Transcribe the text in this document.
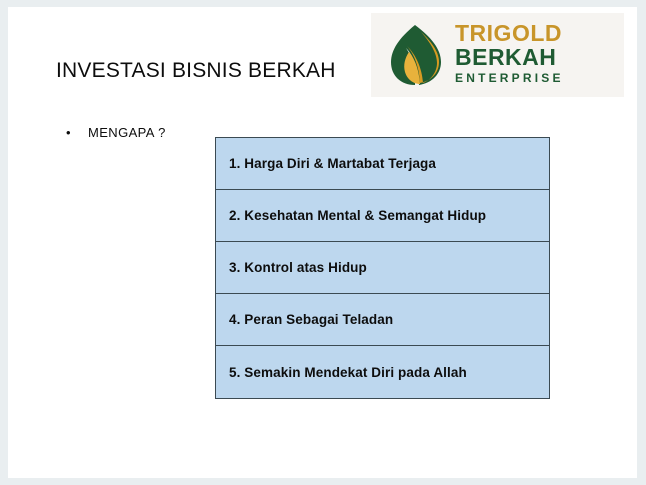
TRIGOLD
BERKAH
ENTERPRISE
INVESTASI BISNIS BERKAH
•	MENGAPA ?
1. Harga Diri & Martabat Terjaga
2. Kesehatan Mental & Semangat Hidup
3. Kontrol atas Hidup
4. Peran Sebagai Teladan
5. Semakin Mendekat Diri pada Allah
